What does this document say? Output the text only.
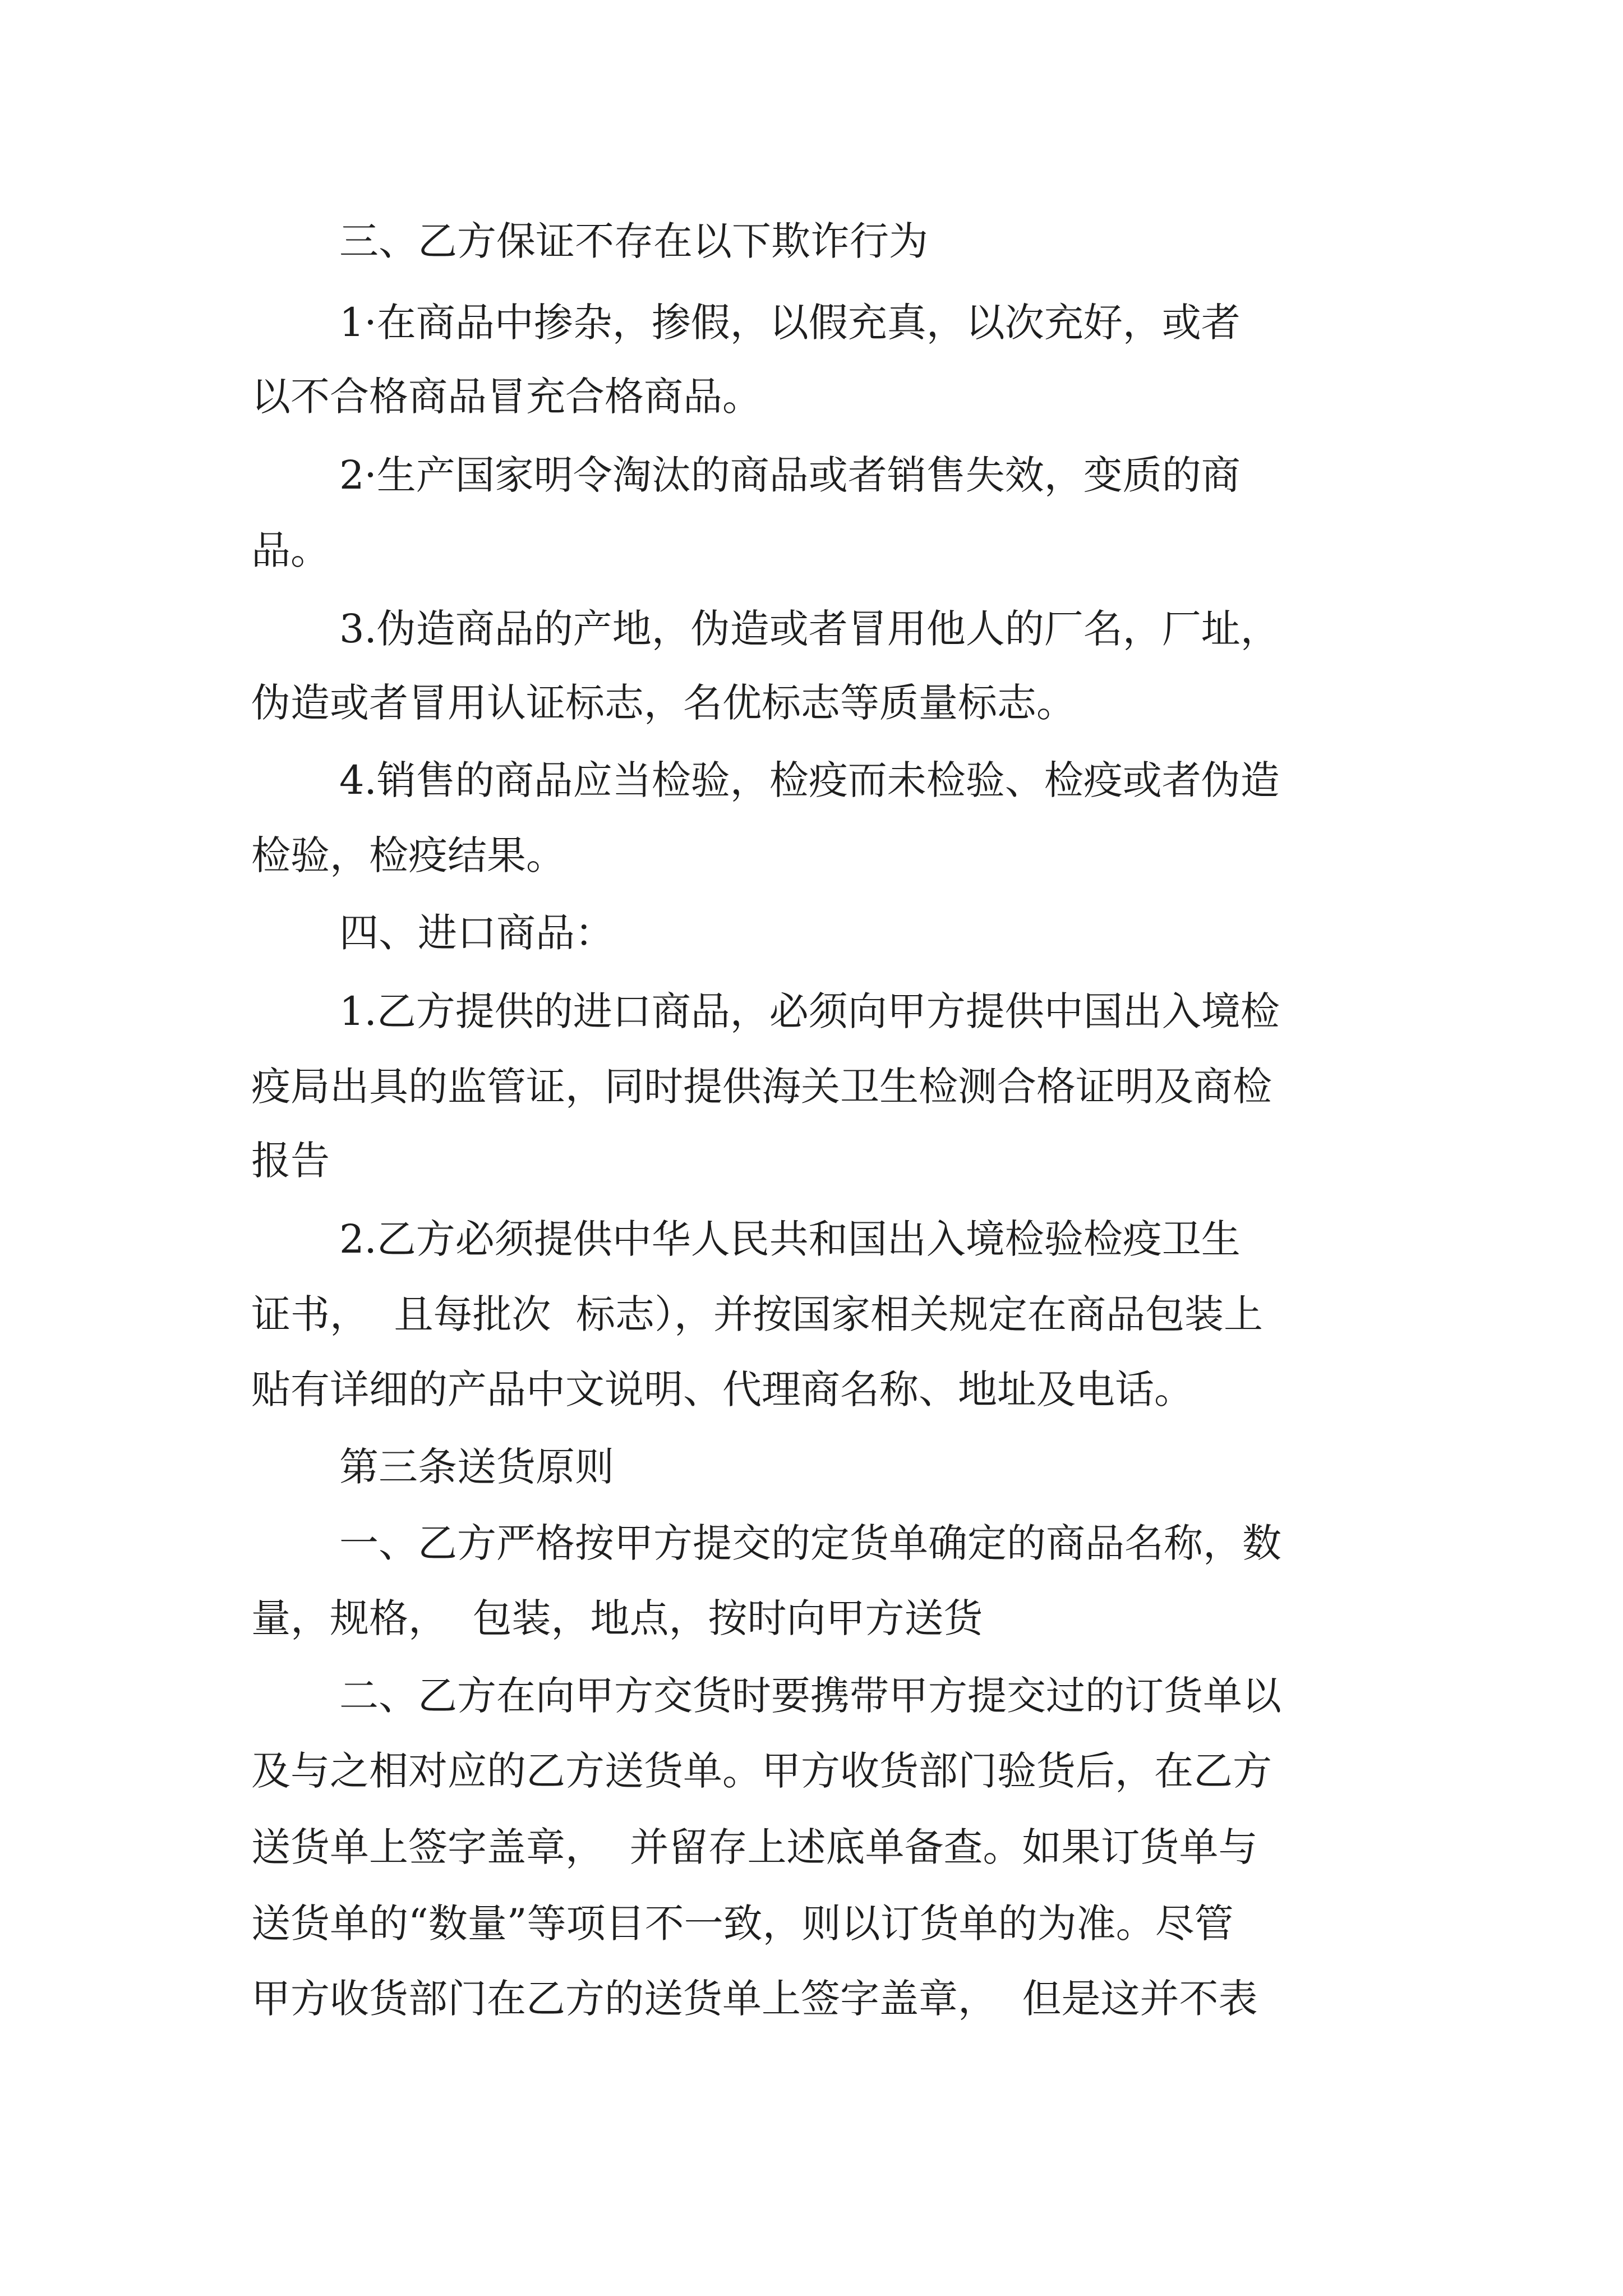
三、乙方保证不存在以下欺诈行为
1·在商品中掺杂，掺假，以假充真，以次充好，或者
以不合格商品冒充合格商品。
2·生产国家明令淘汰的商品或者销售失效，变质的商
品。
3.伪造商品的产地，伪造或者冒用他人的厂名，厂址，
伪造或者冒用认证标志，名优标志等质量标志。
4.销售的商品应当检验，检疫而未检验、检疫或者伪造
检验，检疫结果。
四、进口商品：
1.乙方提供的进口商品，必须向甲方提供中国出入境检
疫局出具的监管证，同时提供海关卫生检测合格证明及商检
报告
2.乙方必须提供中华人民共和国出入境检验检疫卫生
证书，  且每批次  标志），并按国家相关规定在商品包装上
贴有详细的产品中文说明、代理商名称、地址及电话。
第三条送货原则
一、乙方严格按甲方提交的定货单确定的商品名称，数
量，规格，  包装，地点，按时向甲方送货
二、乙方在向甲方交货时要携带甲方提交过的订货单以
及与之相对应的乙方送货单。甲方收货部门验货后，在乙方
送货单上签字盖章，  并留存上述底单备查。如果订货单与
送货单的“数量”等项目不一致，则以订货单的为准。尽管
甲方收货部门在乙方的送货单上签字盖章，  但是这并不表
